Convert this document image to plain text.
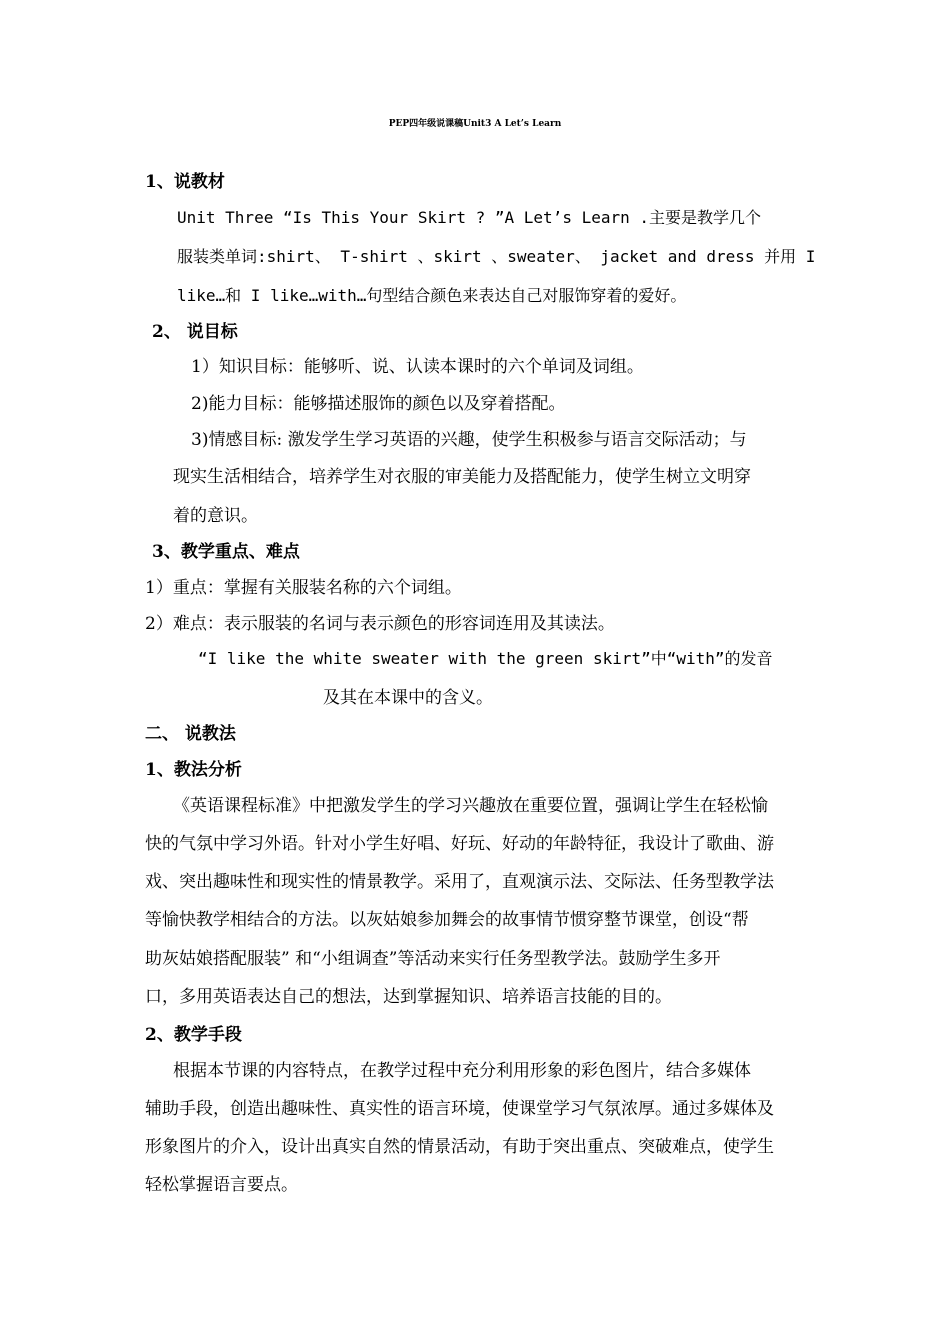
PEP四年级说课稿Unit3 A Let’s Learn
1、说教材
Unit Three “Is This Your Skirt ? ”A Let’s Learn .主要是教学几个
服装类单词:shirt、 T-shirt 、skirt 、sweater、 jacket and dress 并用 I
like…和 I like…with…句型结合颜色来表达自己对服饰穿着的爱好。
2、 说目标
1）知识目标：能够听、说、认读本课时的六个单词及词组。
2)能力目标：能够描述服饰的颜色以及穿着搭配。
3)情感目标: 激发学生学习英语的兴趣，使学生积极参与语言交际活动；与
现实生活相结合，培养学生对衣服的审美能力及搭配能力，使学生树立文明穿
着的意识。
3、教学重点、难点
1）重点：掌握有关服装名称的六个词组。
2）难点：表示服装的名词与表示颜色的形容词连用及其读法。
“I like the white sweater with the green skirt”中“with”的发音
及其在本课中的含义。
二、 说教法
1、教法分析
《英语课程标准》中把激发学生的学习兴趣放在重要位置，强调让学生在轻松愉
快的气氛中学习外语。针对小学生好唱、好玩、好动的年龄特征，我设计了歌曲、游
戏、突出趣味性和现实性的情景教学。采用了，直观演示法、交际法、任务型教学法
等愉快教学相结合的方法。以灰姑娘参加舞会的故事情节惯穿整节课堂，创设“帮
助灰姑娘搭配服装” 和“小组调查”等活动来实行任务型教学法。鼓励学生多开
口，多用英语表达自己的想法，达到掌握知识、培养语言技能的目的。
2、教学手段
根据本节课的内容特点，在教学过程中充分利用形象的彩色图片，结合多媒体
辅助手段，创造出趣味性、真实性的语言环境，使课堂学习气氛浓厚。通过多媒体及
形象图片的介入，设计出真实自然的情景活动，有助于突出重点、突破难点，使学生
轻松掌握语言要点。
